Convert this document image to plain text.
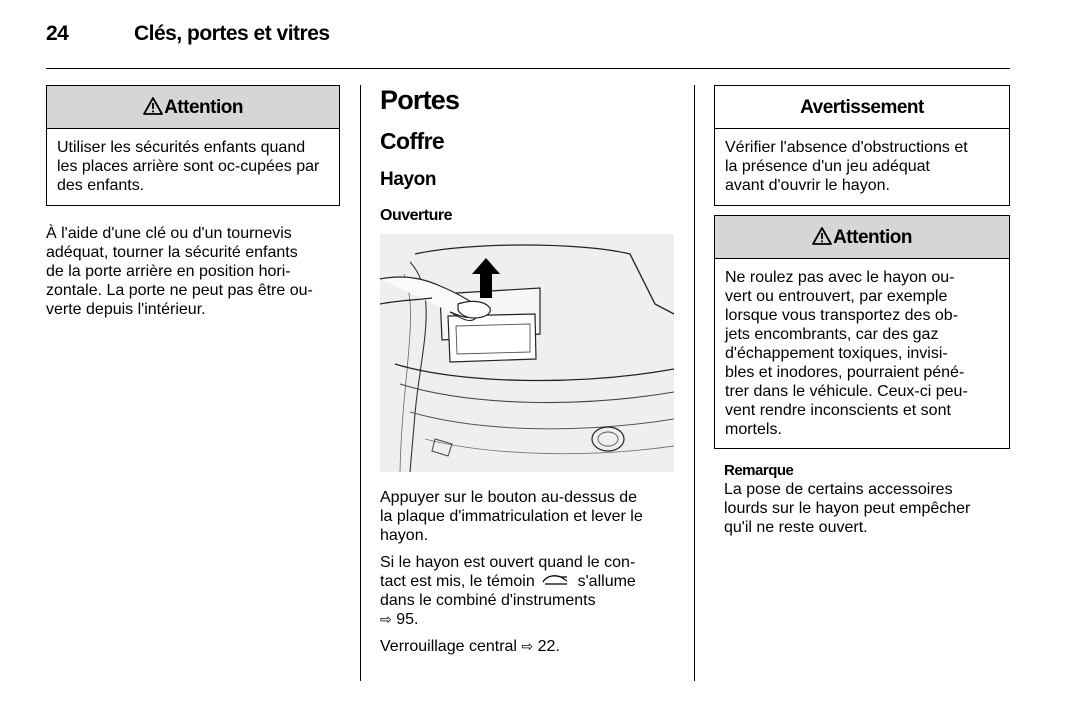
24	Clés, portes et vitres
Attention
Utiliser les sécurités enfants quand les places arrière sont oc-cupées par des enfants.
À l'aide d'une clé ou d'un tournevis
adéquat, tourner la sécurité enfants
de la porte arrière en position hori-
zontale. La porte ne peut pas être ou-
verte depuis l'intérieur.
Portes
Coffre
Hayon
Ouverture
Appuyer sur le bouton au-dessus de
la plaque d'immatriculation et lever le
hayon.
Si le hayon est ouvert quand le con-
tact est mis, le témoin	s'allume
dans le combiné d'instruments
⇨ 95.
Verrouillage central ⇨ 22.
Avertissement
Vérifier l'absence d'obstructions et
la présence d'un jeu adéquat
avant d'ouvrir le hayon.
Attention
Ne roulez pas avec le hayon ou-
vert ou entrouvert, par exemple
lorsque vous transportez des ob-
jets encombrants, car des gaz
d'échappement toxiques, invisi-
bles et inodores, pourraient péné-
trer dans le véhicule. Ceux-ci peu-
vent rendre inconscients et sont
mortels.
Remarque
La pose de certains accessoires
lourds sur le hayon peut empêcher
qu'il ne reste ouvert.
